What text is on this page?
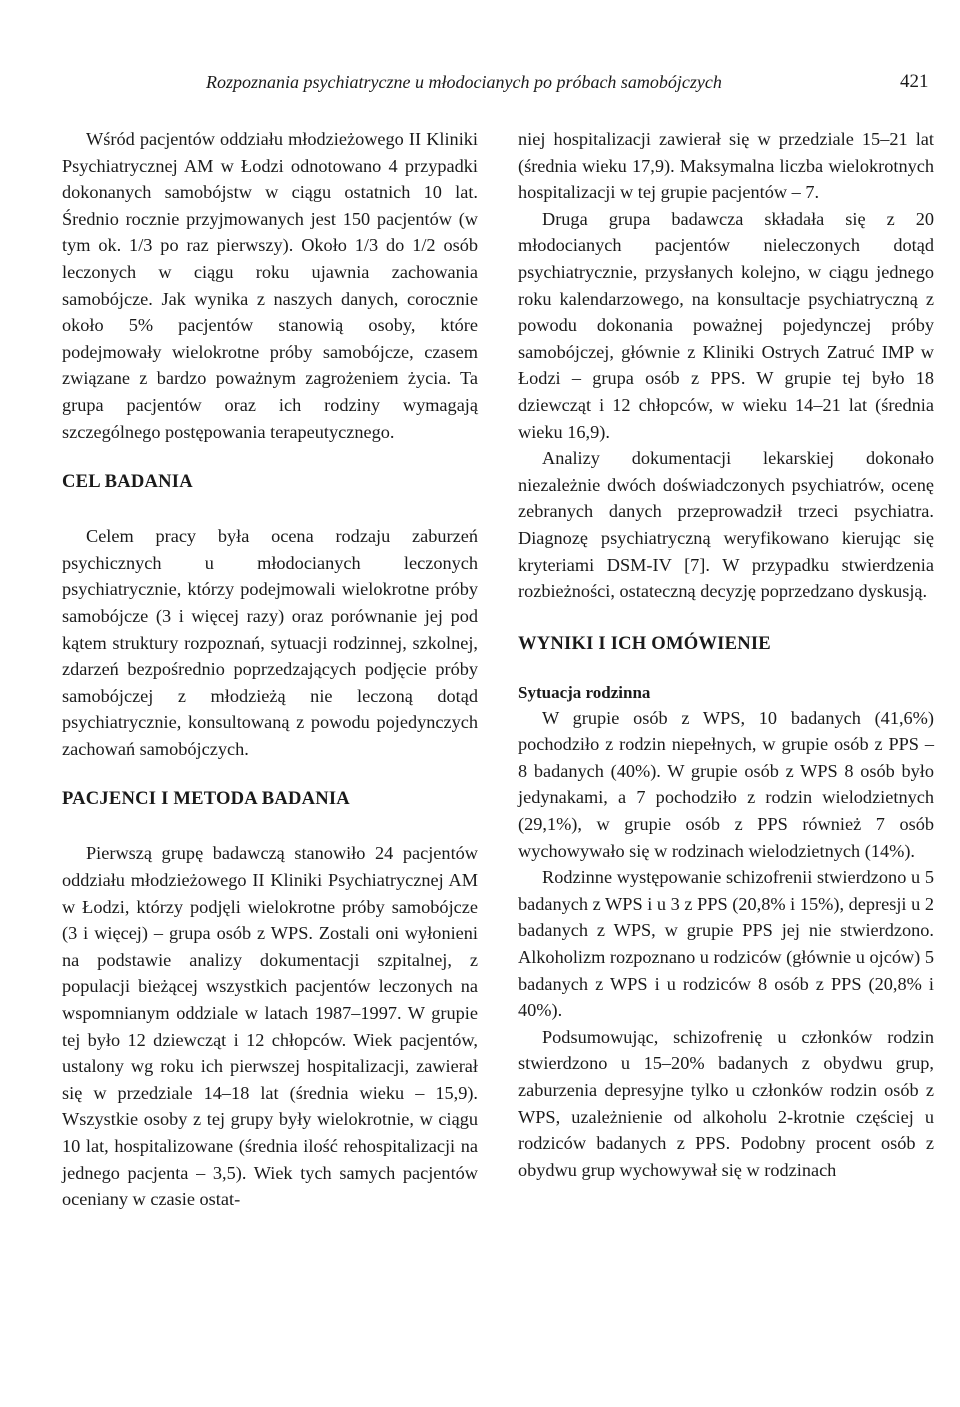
Rozpoznania psychiatryczne u młodocianych po próbach samobójczych	421

Wśród pacjentów oddziału młodzieżowego II Kliniki Psychiatrycznej AM w Łodzi odnotowano 4 przypadki dokonanych samobójstw w ciągu ostatnich 10 lat. Średnio rocznie przyjmowanych jest 150 pacjentów (w tym ok. 1/3 po raz pierwszy). Około 1/3 do 1/2 osób leczonych w ciągu roku ujawnia zachowania samobójcze. Jak wynika z naszych danych, corocznie około 5% pacjentów stanowią osoby, które podejmowały wielokrotne próby samobójcze, czasem związane z bardzo poważnym zagrożeniem życia. Ta grupa pacjentów oraz ich rodziny wymagają szczególnego postępowania terapeutycznego.

CEL BADANIA

Celem pracy była ocena rodzaju zaburzeń psychicznych u młodocianych leczonych psychiatrycznie, którzy podejmowali wielokrotne próby samobójcze (3 i więcej razy) oraz porównanie jej pod kątem struktury rozpoznań, sytuacji rodzinnej, szkolnej, zdarzeń bezpośrednio poprzedzających podjęcie próby samobójczej z młodzieżą nie leczoną dotąd psychiatrycznie, konsultowaną z powodu pojedynczych zachowań samobójczych.

PACJENCI I METODA BADANIA

Pierwszą grupę badawczą stanowiło 24 pacjentów oddziału młodzieżowego II Kliniki Psychiatrycznej AM w Łodzi, którzy podjęli wielokrotne próby samobójcze (3 i więcej) – grupa osób z WPS. Zostali oni wyłonieni na podstawie analizy dokumentacji szpitalnej, z populacji bieżącej wszystkich pacjentów leczonych na wspomnianym oddziale w latach 1987–1997. W grupie tej było 12 dziewcząt i 12 chłopców. Wiek pacjentów, ustalony wg roku ich pierwszej hospitalizacji, zawierał się w przedziale 14–18 lat (średnia wieku – 15,9). Wszystkie osoby z tej grupy były wielokrotnie, w ciągu 10 lat, hospitalizowane (średnia ilość rehospitalizacji na jednego pacjenta – 3,5). Wiek tych samych pacjentów oceniany w czasie ostat-

niej hospitalizacji zawierał się w przedziale 15–21 lat (średnia wieku 17,9). Maksymalna liczba wielokrotnych hospitalizacji w tej grupie pacjentów – 7.

Druga grupa badawcza składała się z 20 młodocianych pacjentów nieleczonych dotąd psychiatrycznie, przysłanych kolejno, w ciągu jednego roku kalendarzowego, na konsultacje psychiatryczną z powodu dokonania poważnej pojedynczej próby samobójczej, głównie z Kliniki Ostrych Zatruć IMP w Łodzi – grupa osób z PPS. W grupie tej było 18 dziewcząt i 12 chłopców, w wieku 14–21 lat (średnia wieku 16,9).

Analizy dokumentacji lekarskiej dokonało niezależnie dwóch doświadczonych psychiatrów, ocenę zebranych danych przeprowadził trzeci psychiatra. Diagnozę psychiatryczną weryfikowano kierując się kryteriami DSM-IV [7]. W przypadku stwierdzenia rozbieżności, ostateczną decyzję poprzedzano dyskusją.

WYNIKI I ICH OMÓWIENIE
Sytuacja rodzinna

W grupie osób z WPS, 10 badanych (41,6%) pochodziło z rodzin niepełnych, w grupie osób z PPS – 8 badanych (40%). W grupie osób z WPS 8 osób było jedynakami, a 7 pochodziło z rodzin wielodzietnych (29,1%), w grupie osób z PPS również 7 osób wychowywało się w rodzinach wielodzietnych (14%).

Rodzinne występowanie schizofrenii stwierdzono u 5 badanych z WPS i u 3 z PPS (20,8% i 15%), depresji u 2 badanych z WPS, w grupie PPS jej nie stwierdzono. Alkoholizm rozpoznano u rodziców (głównie u ojców) 5 badanych z WPS i u rodziców 8 osób z PPS (20,8% i 40%).

Podsumowując, schizofrenię u członków rodzin stwierdzono u 15–20% badanych z obydwu grup, zaburzenia depresyjne tylko u członków rodzin osób z WPS, uzależnienie od alkoholu 2-krotnie częściej u rodziców badanych z PPS. Podobny procent osób z obydwu grup wychowywał się w rodzinach
